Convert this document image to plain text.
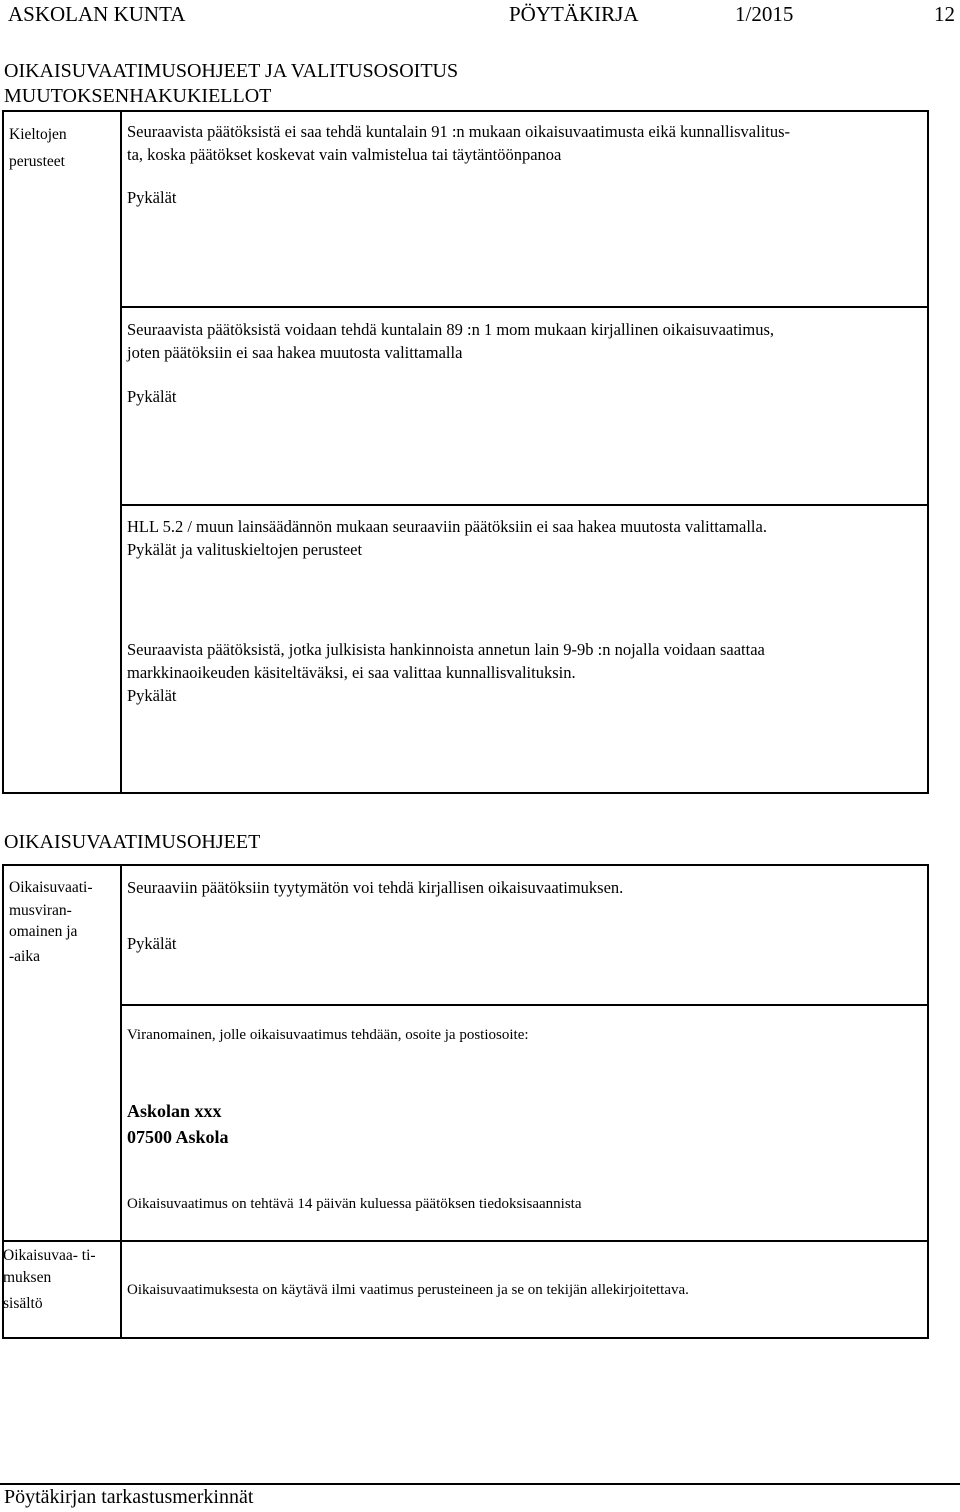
ASKOLAN KUNTA	PÖYTÄKIRJA	1/2015	12
OIKAISUVAATIMUSOHJEET JA VALITUSOSOITUS
MUUTOKSENHAKUKIELLOT
Kieltojen
perusteet
Seuraavista päätöksistä ei saa tehdä kuntalain 91 :n mukaan oikaisuvaatimusta eikä kunnallisvalitus-
ta, koska päätökset koskevat vain valmistelua tai täytäntöönpanoa
Pykälät
Seuraavista päätöksistä voidaan tehdä kuntalain 89 :n 1 mom mukaan kirjallinen oikaisuvaatimus,
joten päätöksiin ei saa hakea muutosta valittamalla
Pykälät
HLL 5.2 / muun lainsäädännön mukaan seuraaviin päätöksiin ei saa hakea muutosta valittamalla.
Pykälät ja valituskieltojen perusteet
Seuraavista päätöksistä, jotka julkisista hankinnoista annetun lain 9-9b :n nojalla voidaan saattaa
markkinaoikeuden käsiteltäväksi, ei saa valittaa kunnallisvalituksin.
Pykälät
OIKAISUVAATIMUSOHJEET
Oikaisuvaati-
musviran-
omainen ja
-aika
Seuraaviin päätöksiin tyytymätön voi tehdä kirjallisen oikaisuvaatimuksen.
Pykälät
Viranomainen, jolle oikaisuvaatimus tehdään, osoite ja postiosoite:
Askolan xxx
07500 Askola
Oikaisuvaatimus on tehtävä 14 päivän kuluessa päätöksen tiedoksisaannista
Oikaisuvaa- ti-
muksen
sisältö
Oikaisuvaatimuksesta on käytävä ilmi vaatimus perusteineen ja se on tekijän allekirjoitettava.
Pöytäkirjan tarkastusmerkinnät
